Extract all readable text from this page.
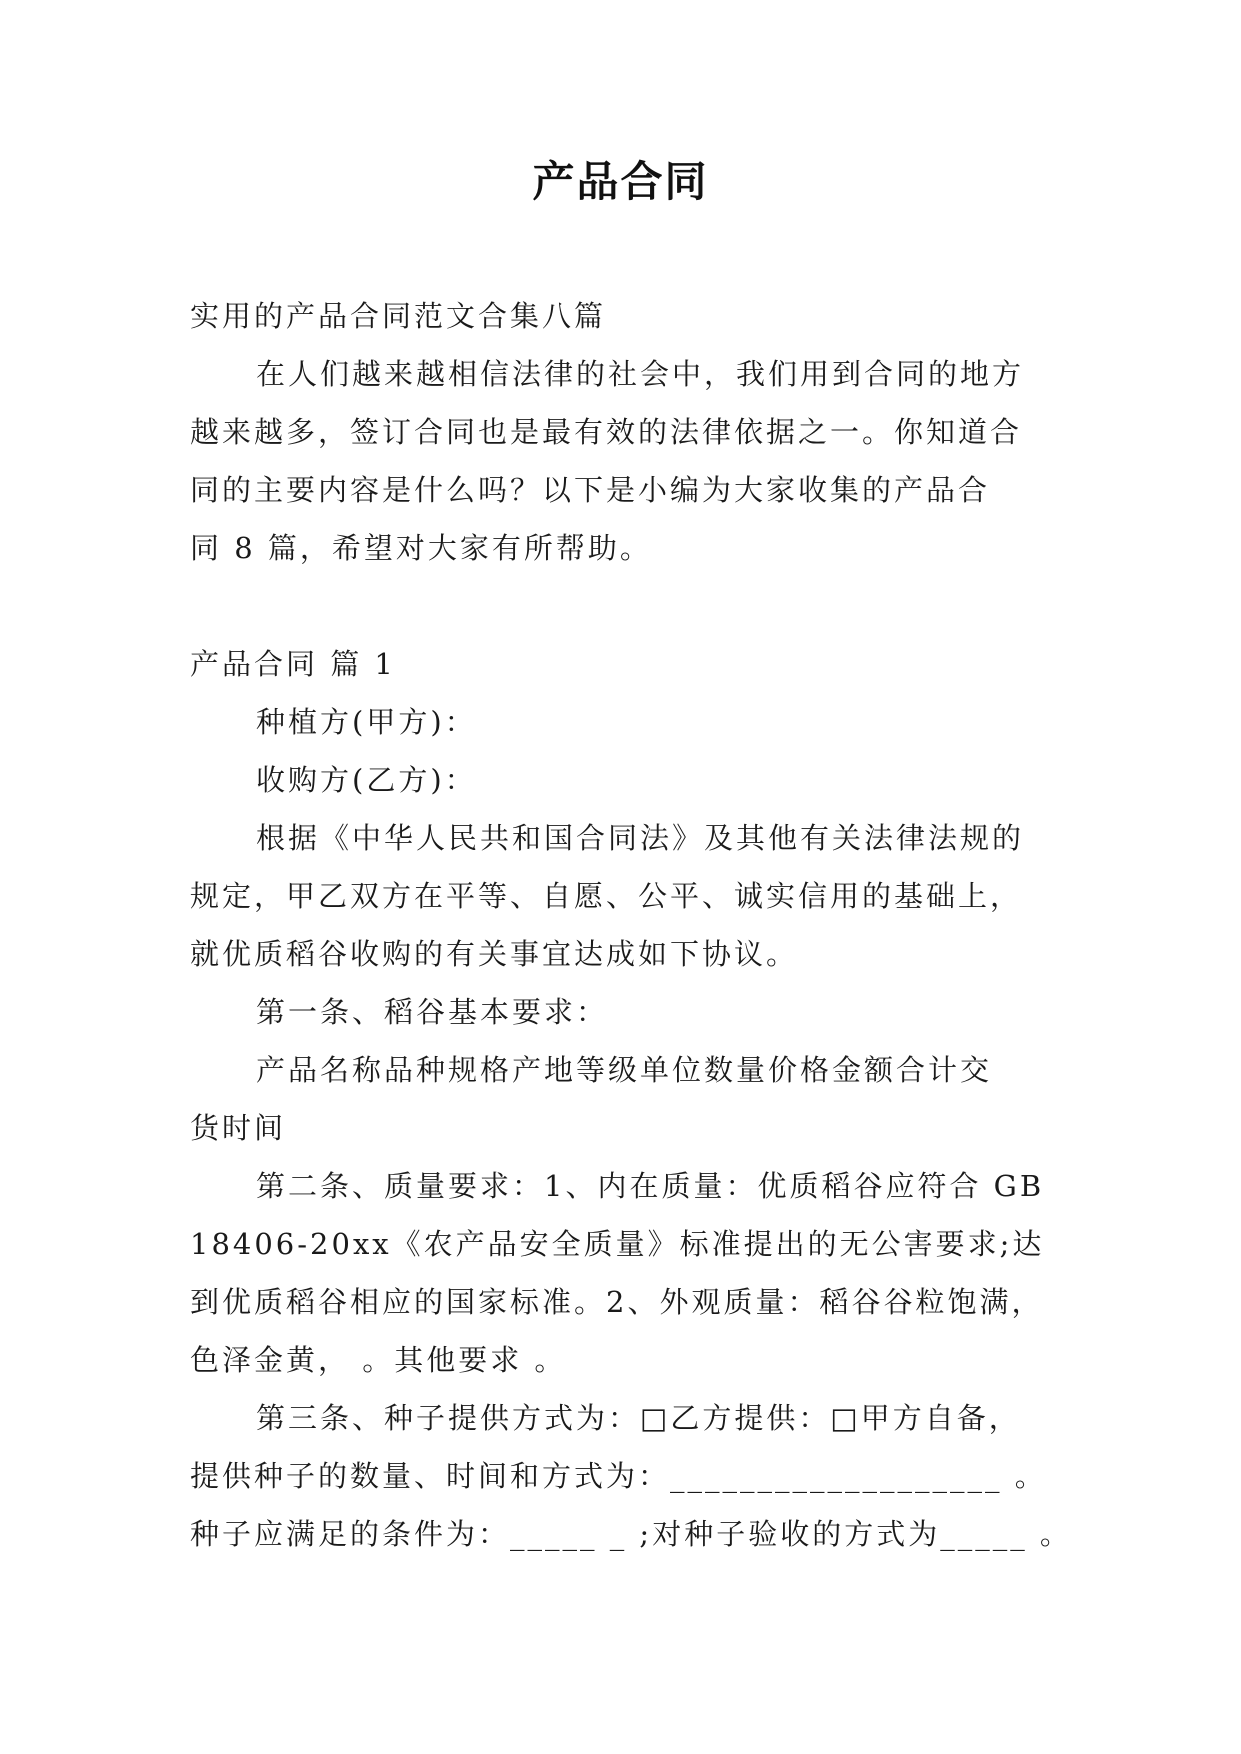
产品合同

实用的产品合同范文合集八篇

在人们越来越相信法律的社会中，我们用到合同的地方

越来越多，签订合同也是最有效的法律依据之一。你知道合

同的主要内容是什么吗？以下是小编为大家收集的产品合

同 8 篇，希望对大家有所帮助。

产品合同 篇 1

种植方(甲方)：

收购方(乙方)：

根据《中华人民共和国合同法》及其他有关法律法规的

规定，甲乙双方在平等、自愿、公平、诚实信用的基础上，

就优质稻谷收购的有关事宜达成如下协议。

第一条、稻谷基本要求：

产品名称品种规格产地等级单位数量价格金额合计交

货时间

第二条、质量要求：1、内在质量：优质稻谷应符合 GB

18406-20xx《农产品安全质量》标准提出的无公害要求;达

到优质稻谷相应的国家标准。2、外观质量：稻谷谷粒饱满，

色泽金黄， 。其他要求 。

第三条、种子提供方式为：□乙方提供：□甲方自备，

提供种子的数量、时间和方式为：___________________ 。

种子应满足的条件为：_____ _ ;对种子验收的方式为_____ 。
